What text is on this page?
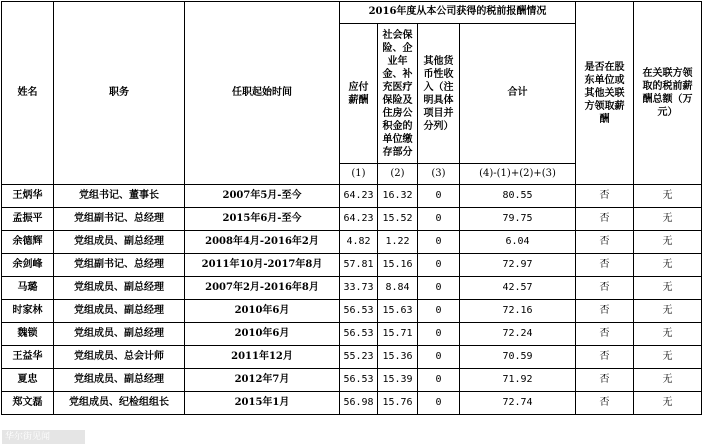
姓名	职务	任职起始时间	2016年度从本公司获得的税前报酬情况				是否在股东单位或其他关联方领取薪酬	在关联方领取的税前薪酬总额（万元）
			应付薪酬	社会保险、企业年金、补充医疗保险及住房公积金的单位缴存部分	其他货币性收入（注明具体项目并分列）	合计		
			(1)	(2)	(3)	(4)-(1)+(2)+(3)		
王炳华	党组书记、董事长	2007年5月-至今	64.23	16.32	0	80.55	否	无
孟振平	党组副书记、总经理	2015年6月-至今	64.23	15.52	0	79.75	否	无
余德辉	党组成员、副总经理	2008年4月-2016年2月	4.82	1.22	0	6.04	否	无
余剑峰	党组副书记、总经理	2011年10月-2017年8月	57.81	15.16	0	72.97	否	无
马璐	党组成员、副总经理	2007年2月-2016年8月	33.73	8.84	0	42.57	否	无
时家林	党组成员、副总经理	2010年6月	56.53	15.63	0	72.16	否	无
魏锁	党组成员、副总经理	2010年6月	56.53	15.71	0	72.24	否	无
王益华	党组成员、总会计师	2011年12月	55.23	15.36	0	70.59	否	无
夏忠	党组成员、副总经理	2012年7月	56.53	15.39	0	71.92	否	无
郑文磊	党组成员、纪检组组长	2015年1月	56.98	15.76	0	72.74	否	无
华尔街见闻
